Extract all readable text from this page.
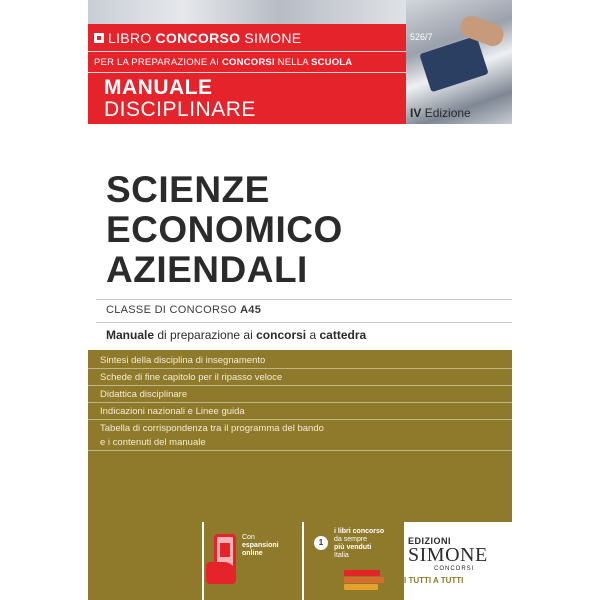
LIBRO CONCORSO SIMONE
PER LA PREPARAZIONE AI CONCORSI NELLA SCUOLA
MANUALE
DISCIPLINARE
526/7
IV Edizione
SCIENZE
ECONOMICO
AZIENDALI
CLASSE DI CONCORSO A45
Manuale di preparazione ai concorsi a cattedra
Sintesi della disciplina di insegnamento
Schede di fine capitolo per il ripasso veloce
Didattica disciplinare
Indicazioni nazionali e Linee guida
Tabella di corrispondenza tra il programma del bando
e i contenuti del manuale
Con
espansioni
online
1
i libri concorso
da sempre
più venduti
Italia
EDIZIONI
SIMONE
CONCORSI
I TUTTI A TUTTI
